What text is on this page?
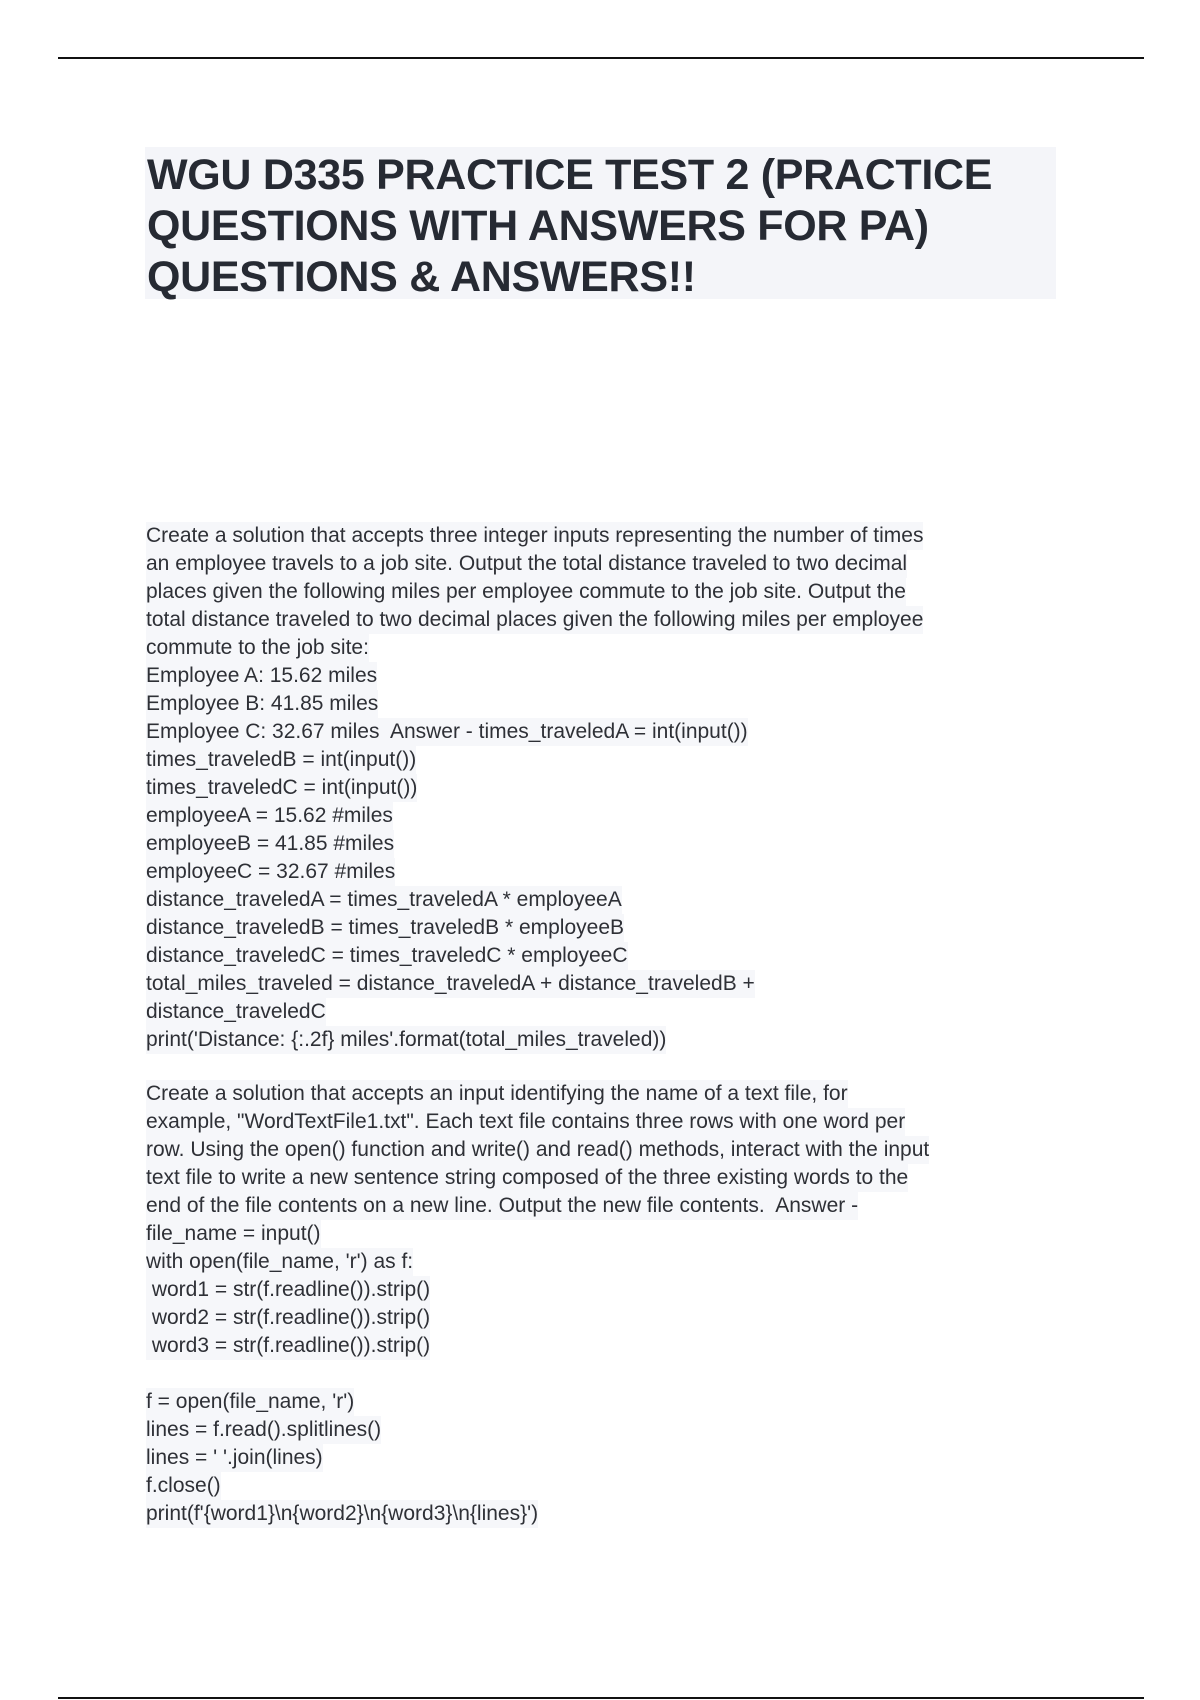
WGU D335 PRACTICE TEST 2 (PRACTICE QUESTIONS WITH ANSWERS FOR PA) QUESTIONS & ANSWERS!!
Create a solution that accepts three integer inputs representing the number of times
an employee travels to a job site. Output the total distance traveled to two decimal
places given the following miles per employee commute to the job site. Output the
total distance traveled to two decimal places given the following miles per employee
commute to the job site:
Employee A: 15.62 miles
Employee B: 41.85 miles
Employee C: 32.67 miles  Answer - times_traveledA = int(input())
times_traveledB = int(input())
times_traveledC = int(input())
employeeA = 15.62 #miles
employeeB = 41.85 #miles
employeeC = 32.67 #miles
distance_traveledA = times_traveledA * employeeA
distance_traveledB = times_traveledB * employeeB
distance_traveledC = times_traveledC * employeeC
total_miles_traveled = distance_traveledA + distance_traveledB +
distance_traveledC
print('Distance: {:.2f} miles'.format(total_miles_traveled))
Create a solution that accepts an input identifying the name of a text file, for
example, "WordTextFile1.txt". Each text file contains three rows with one word per
row. Using the open() function and write() and read() methods, interact with the input
text file to write a new sentence string composed of the three existing words to the
end of the file contents on a new line. Output the new file contents.  Answer -
file_name = input()
with open(file_name, 'r') as f:
word1 = str(f.readline()).strip()
word2 = str(f.readline()).strip()
word3 = str(f.readline()).strip()
f = open(file_name, 'r')
lines = f.read().splitlines()
lines = ' '.join(lines)
f.close()
print(f'{word1}\n{word2}\n{word3}\n{lines}')
